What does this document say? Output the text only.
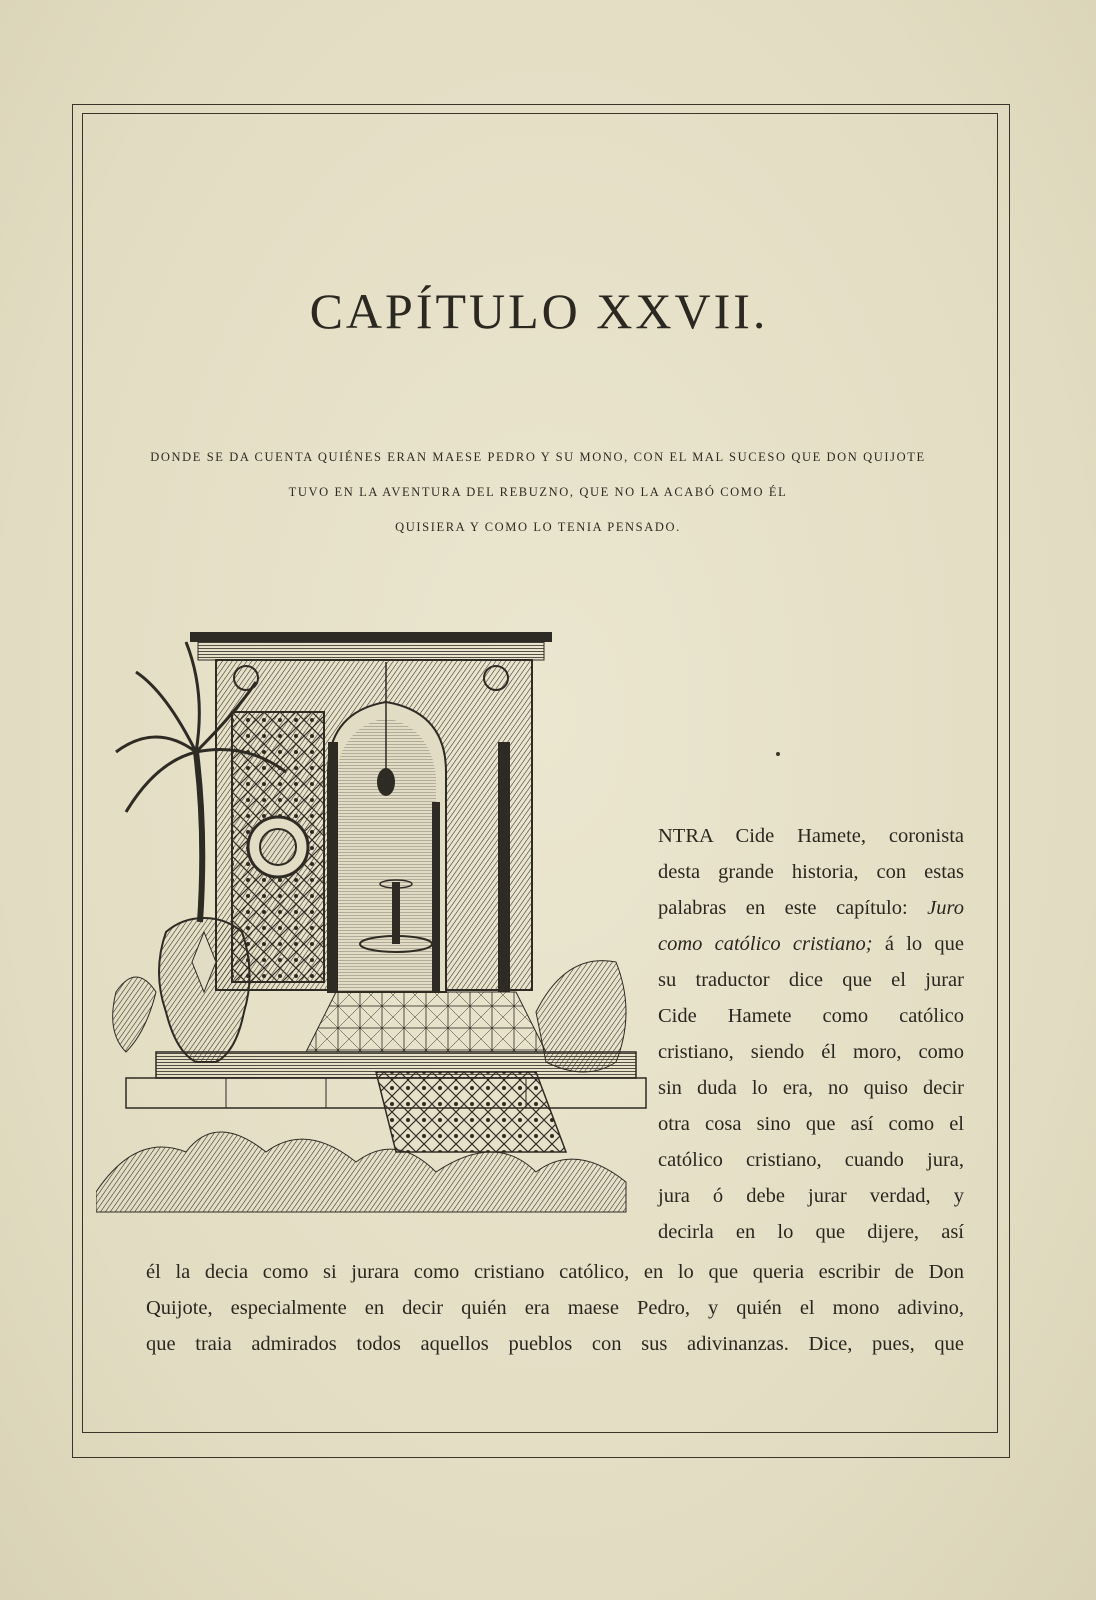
CAPÍTULO XXVII.
DONDE SE DA CUENTA QUIÉNES ERAN MAESE PEDRO Y SU MONO, CON EL MAL SUCESO QUE DON QUIJOTE
TUVO EN LA AVENTURA DEL REBUZNO, QUE NO LA ACABÓ COMO ÉL
QUISIERA Y COMO LO TENIA PENSADO.
NTRA Cide Hamete, coronista
desta grande historia, con estas
palabras en este capítulo: Juro
como católico cristiano; á lo que
su traductor dice que el jurar
Cide Hamete como católico
cristiano, siendo él moro, como
sin duda lo era, no quiso decir
otra cosa sino que así como el
católico cristiano, cuando jura,
jura ó debe jurar verdad, y
decirla en lo que dijere, así
él la decia como si jurara como cristiano católico, en lo que queria escribir de Don
Quijote, especialmente en decir quién era maese Pedro, y quién el mono adivino,
que traia admirados todos aquellos pueblos con sus adivinanzas. Dice, pues, que
